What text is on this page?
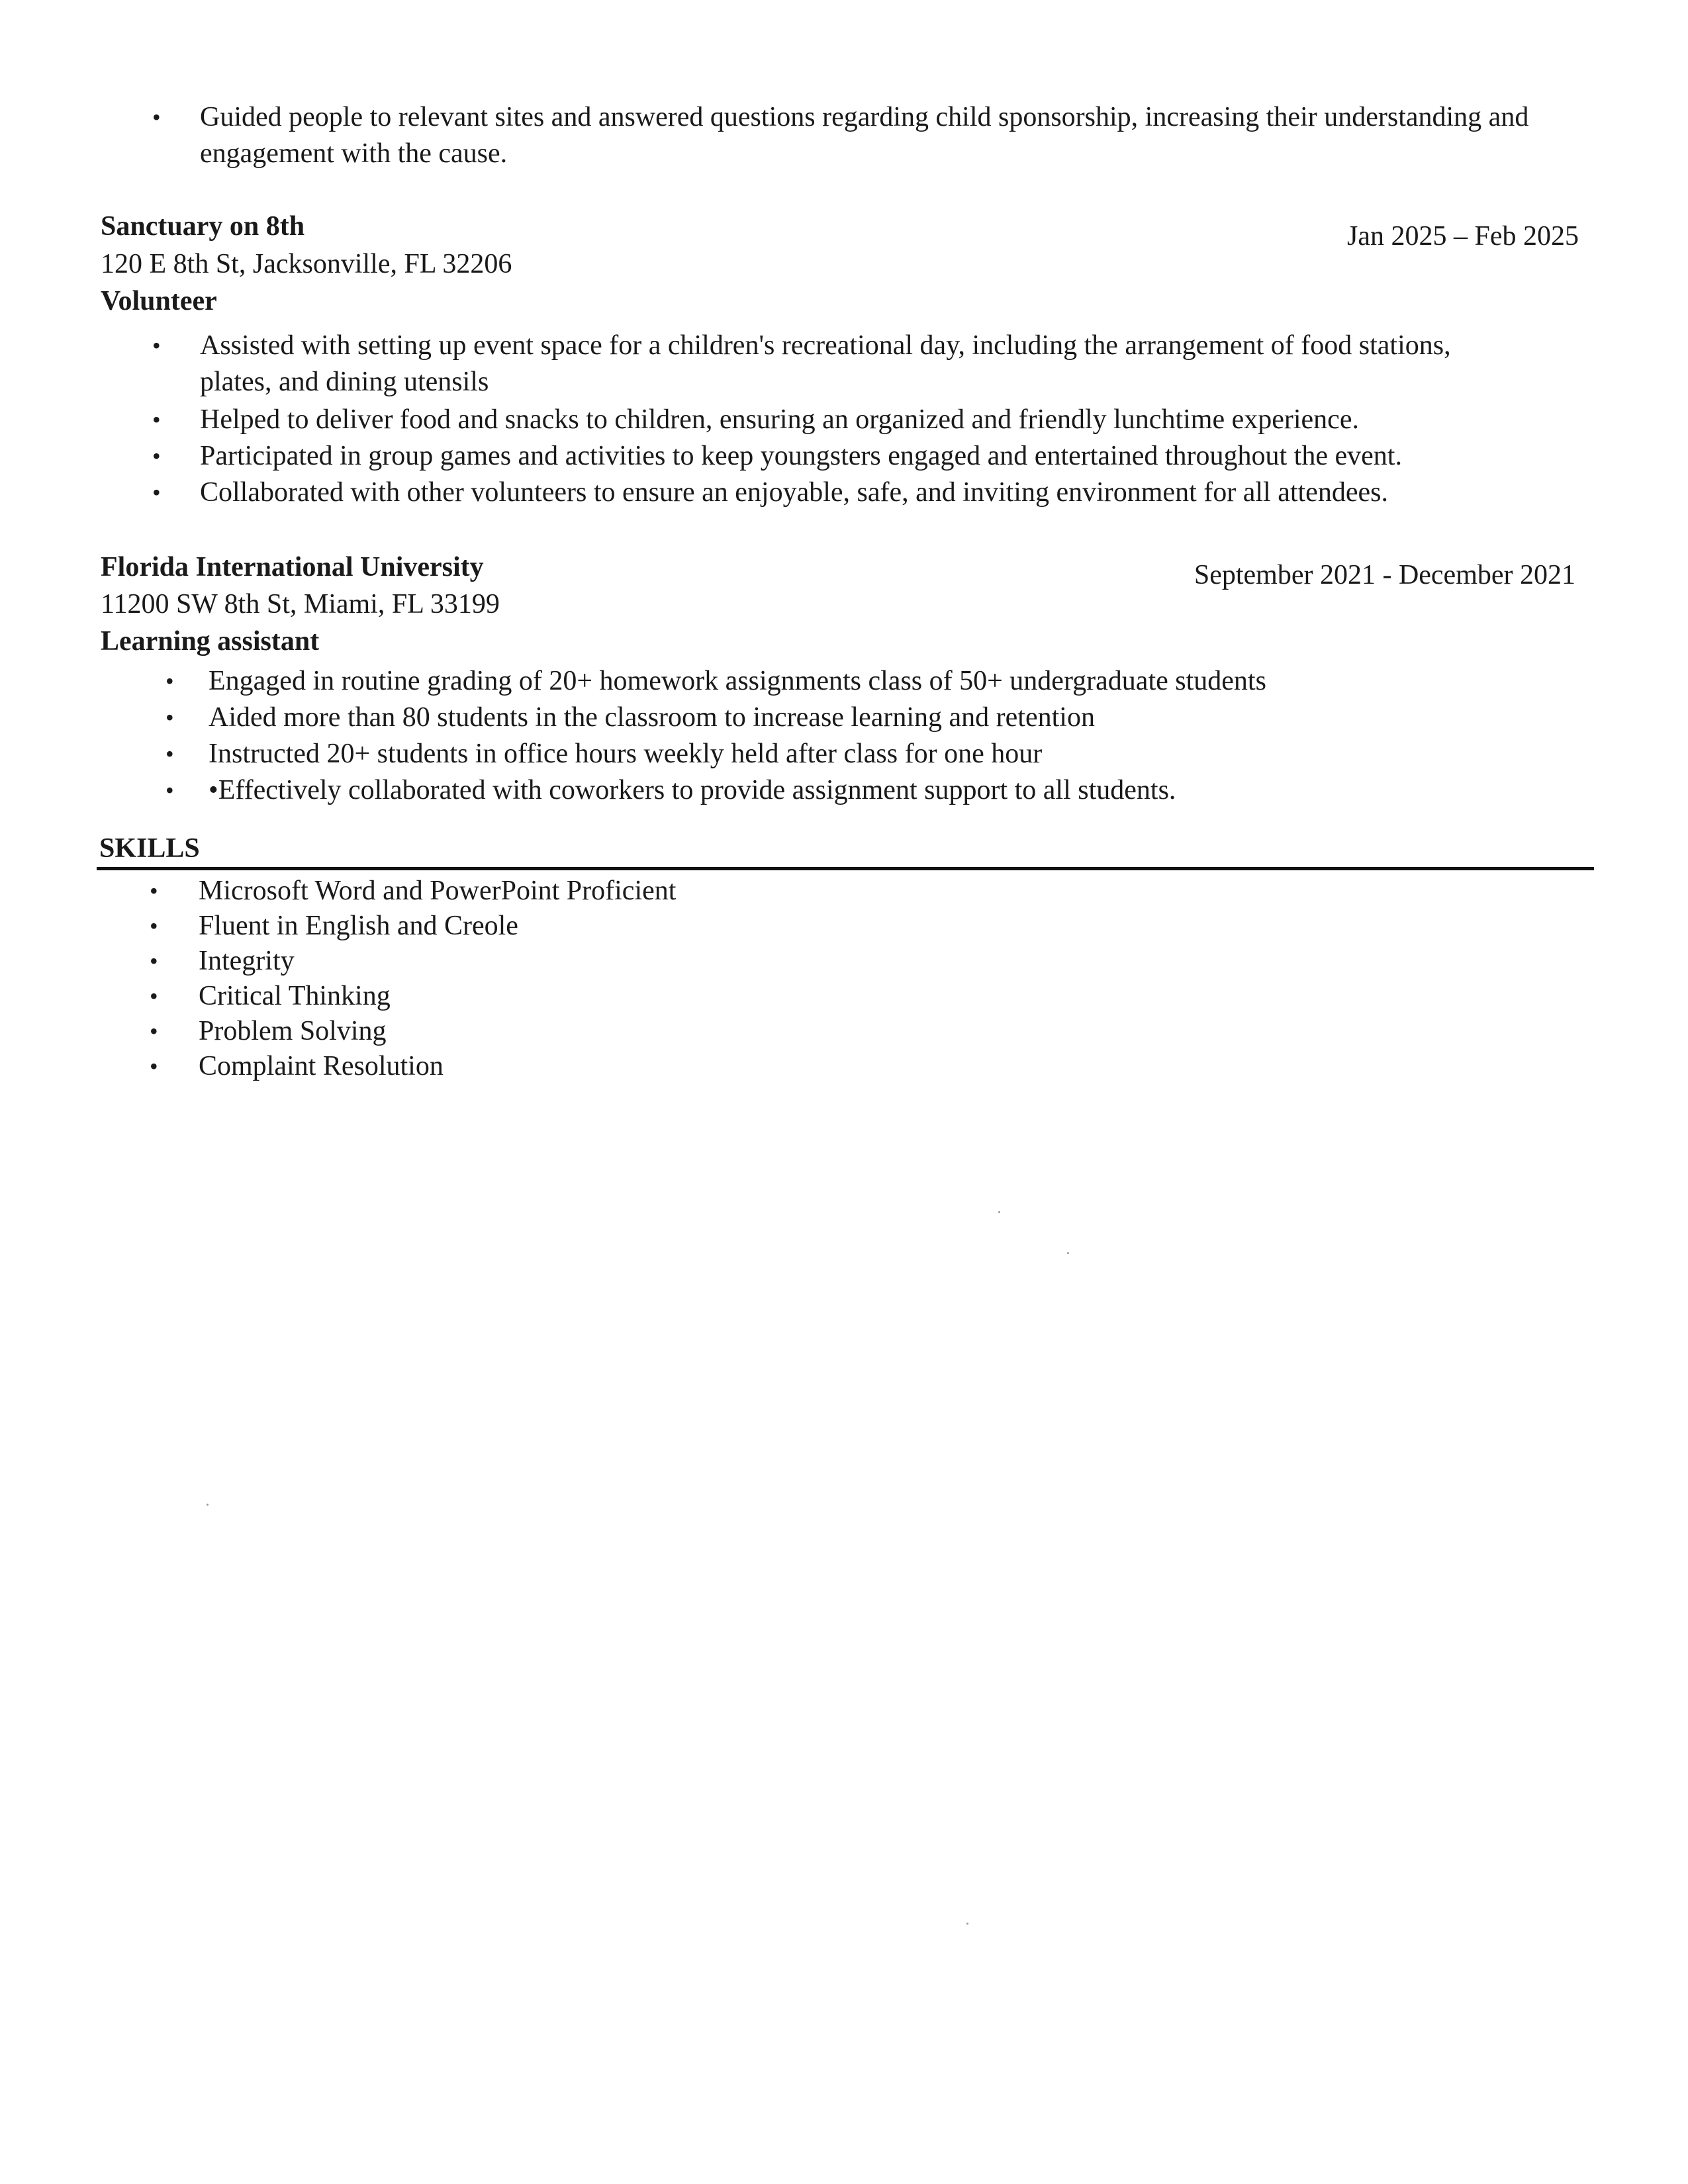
• Guided people to relevant sites and answered questions regarding child sponsorship, increasing their understanding and engagement with the cause.
Sanctuary on 8th	Jan 2025 – Feb 2025
120 E 8th St, Jacksonville, FL 32206
Volunteer
• Assisted with setting up event space for a children's recreational day, including the arrangement of food stations, plates, and dining utensils
• Helped to deliver food and snacks to children, ensuring an organized and friendly lunchtime experience.
• Participated in group games and activities to keep youngsters engaged and entertained throughout the event.
• Collaborated with other volunteers to ensure an enjoyable, safe, and inviting environment for all attendees.
Florida International University	September 2021 - December 2021
11200 SW 8th St, Miami, FL 33199
Learning assistant
• Engaged in routine grading of 20+ homework assignments class of 50+ undergraduate students
• Aided more than 80 students in the classroom to increase learning and retention
• Instructed 20+ students in office hours weekly held after class for one hour
• •Effectively collaborated with coworkers to provide assignment support to all students.
SKILLS
• Microsoft Word and PowerPoint Proficient
• Fluent in English and Creole
• Integrity
• Critical Thinking
• Problem Solving
• Complaint Resolution
